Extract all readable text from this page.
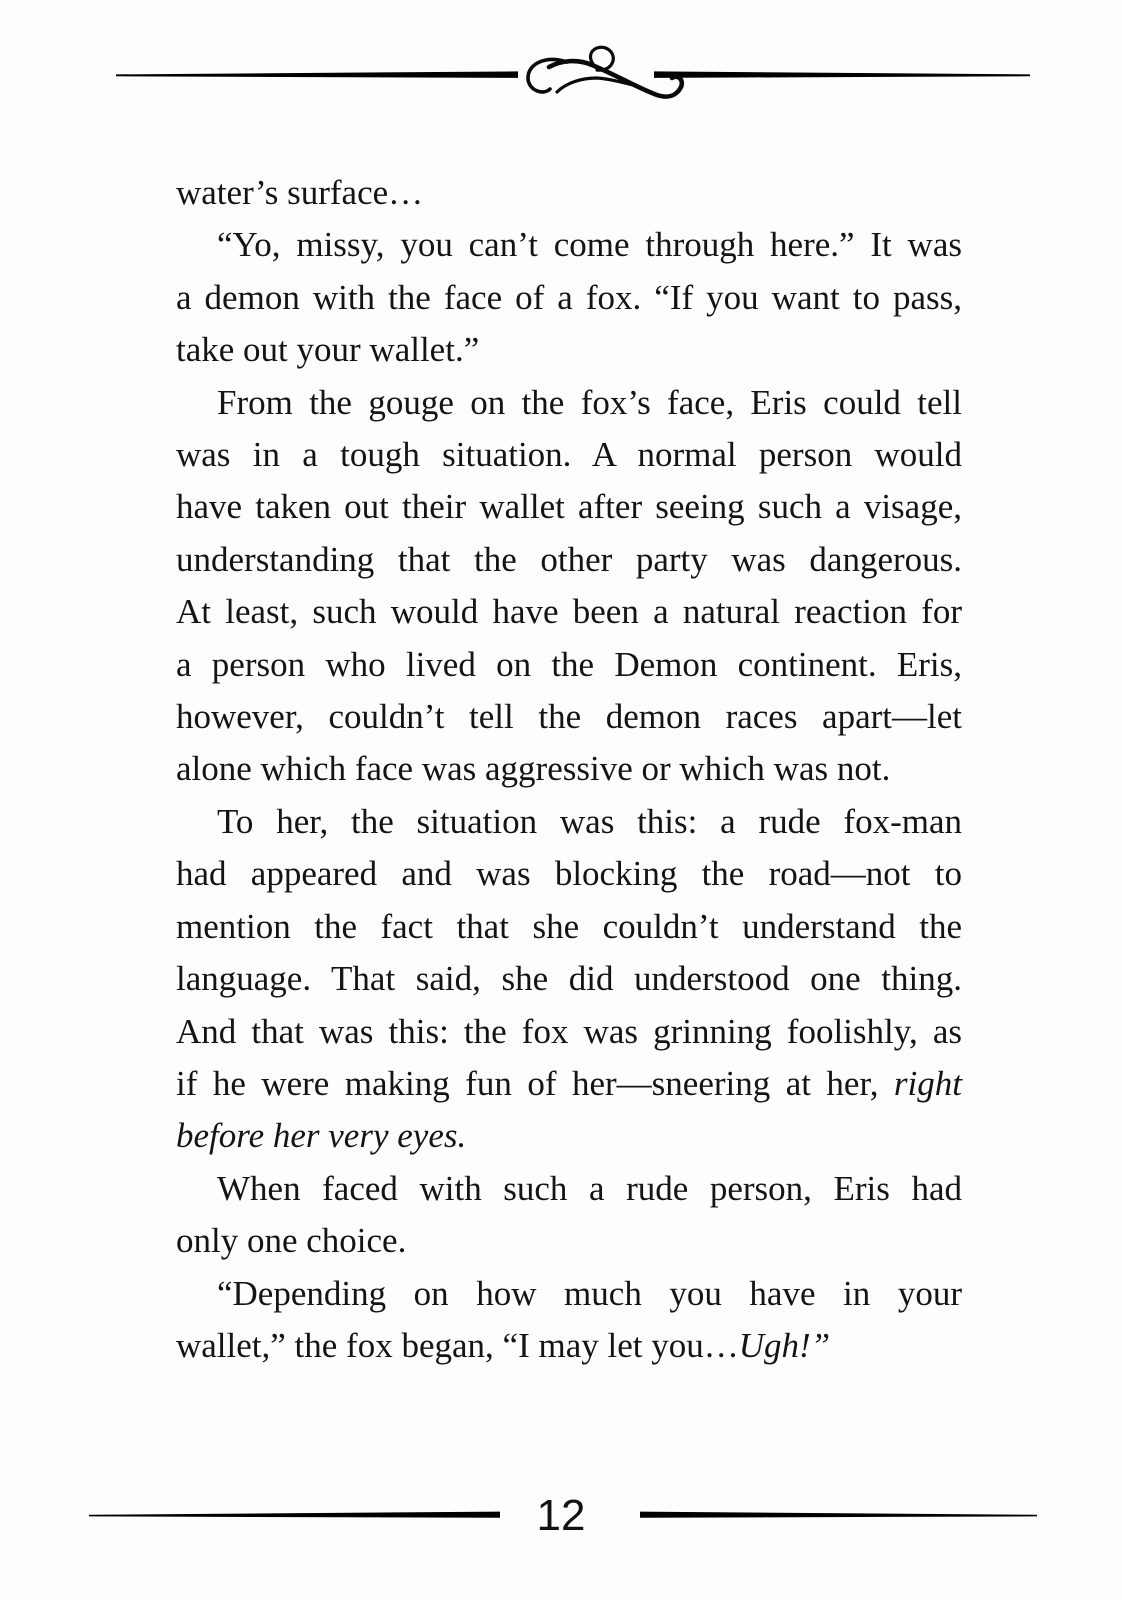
water’s surface…
“Yo, missy, you can’t come through here.” It was
a demon with the face of a fox. “If you want to pass,
take out your wallet.”
From the gouge on the fox’s face, Eris could tell
was in a tough situation. A normal person would
have taken out their wallet after seeing such a visage,
understanding that the other party was dangerous.
At least, such would have been a natural reaction for
a person who lived on the Demon continent. Eris,
however, couldn’t tell the demon races apart—let
alone which face was aggressive or which was not.
To her, the situation was this: a rude fox-man
had appeared and was blocking the road—not to
mention the fact that she couldn’t understand the
language. That said, she did understood one thing.
And that was this: the fox was grinning foolishly, as
if he were making fun of her—sneering at her, right
before her very eyes.
When faced with such a rude person, Eris had
only one choice.
“Depending on how much you have in your
wallet,” the fox began, “I may let you…Ugh!”
12
